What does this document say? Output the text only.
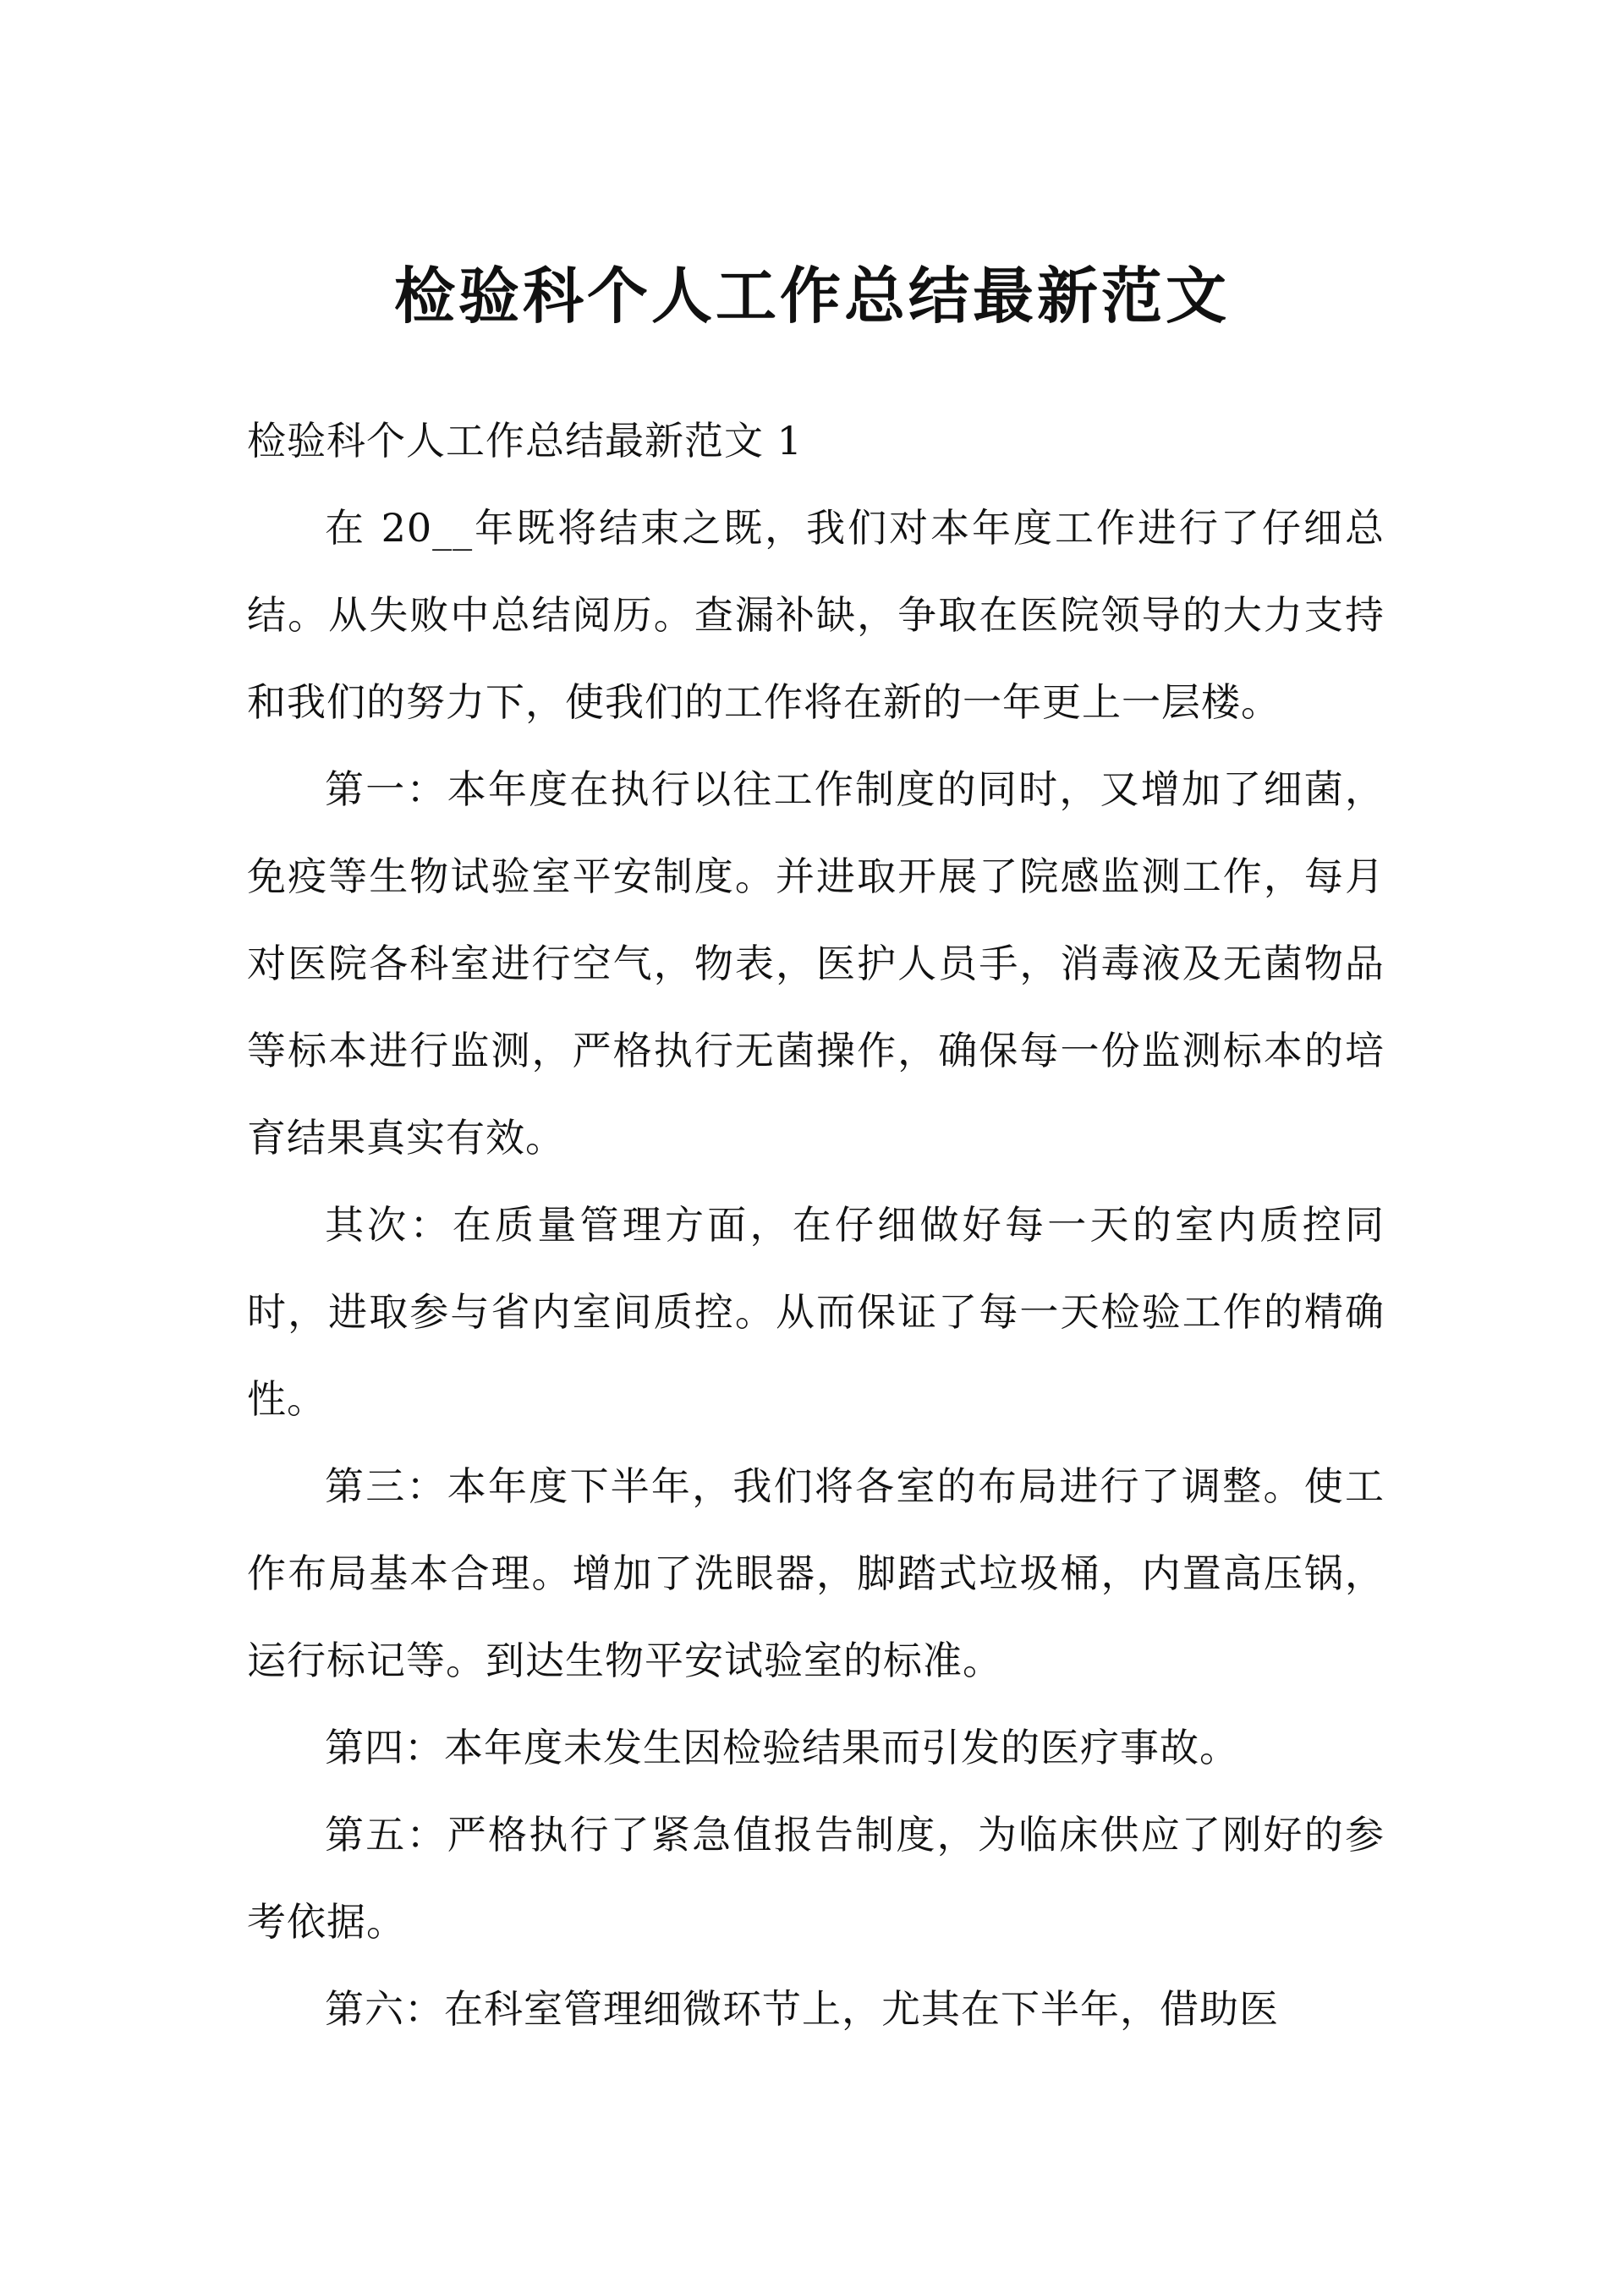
检验科个人工作总结最新范文

检验科个人工作总结最新范文 1

在 20__年既将结束之既，我们对本年度工作进行了仔细总结。从失败中总结阅历。查漏补缺，争取在医院领导的大力支持和我们的努力下，使我们的工作将在新的一年更上一层楼。

第一：本年度在执行以往工作制度的同时，又增加了细菌，免疫等生物试验室平安制度。并进取开展了院感监测工作，每月对医院各科室进行空气，物表，医护人员手，消毒液及无菌物品等标本进行监测，严格执行无菌操作，确保每一份监测标本的培育结果真实有效。

其次：在质量管理方面，在仔细做好每一天的室内质控同时，进取参与省内室间质控。从而保证了每一天检验工作的精确性。

第三：本年度下半年，我们将各室的布局进行了调整。使工作布局基本合理。增加了洗眼器，脚踏式垃圾桶，内置高压锅，运行标记等。到达生物平安试验室的标准。

第四：本年度未发生因检验结果而引发的医疗事故。

第五：严格执行了紧急值报告制度，为临床供应了刚好的参考依据。

第六：在科室管理细微环节上，尤其在下半年，借助医
